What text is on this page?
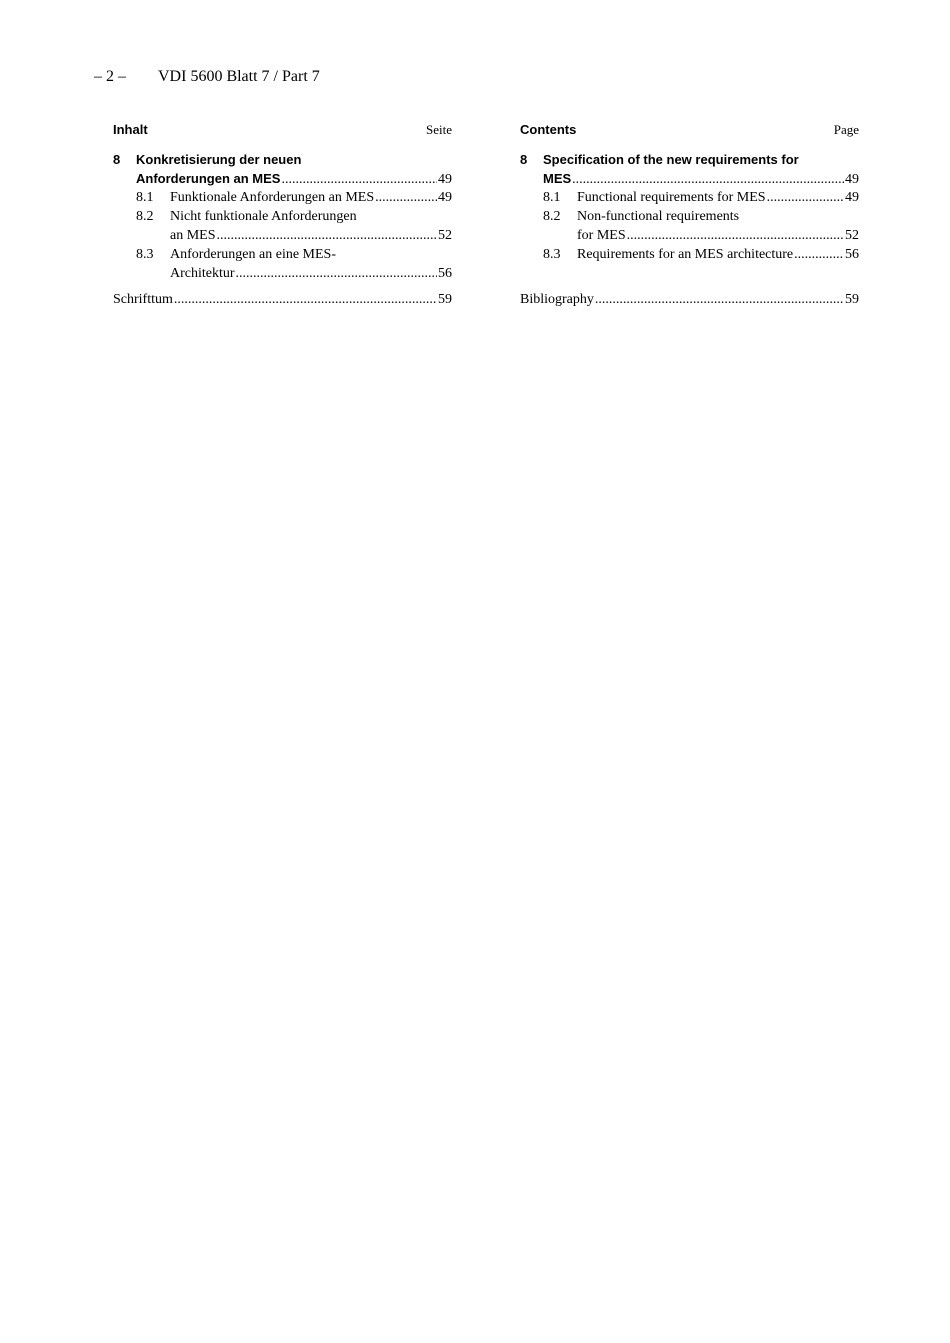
– 2 – VDI 5600 Blatt 7 / Part 7
Inhalt	Seite
8	Konkretisierung der neuen
Anforderungen an MES .....	49
8.1 Funktionale Anforderungen an MES .....	49
8.2	Nicht funktionale Anforderungen
an MES .....	52
8.3	Anforderungen an eine MES-
Architektur .....	56
Schrifttum .....	59
Contents	Page
8	Specification of the new requirements for
MES .....	49
8.1 Functional requirements for MES .....	49
8.2	Non-functional requirements
for MES .....	52
8.3 Requirements for an MES architecture .....	56
Bibliography .....	59
